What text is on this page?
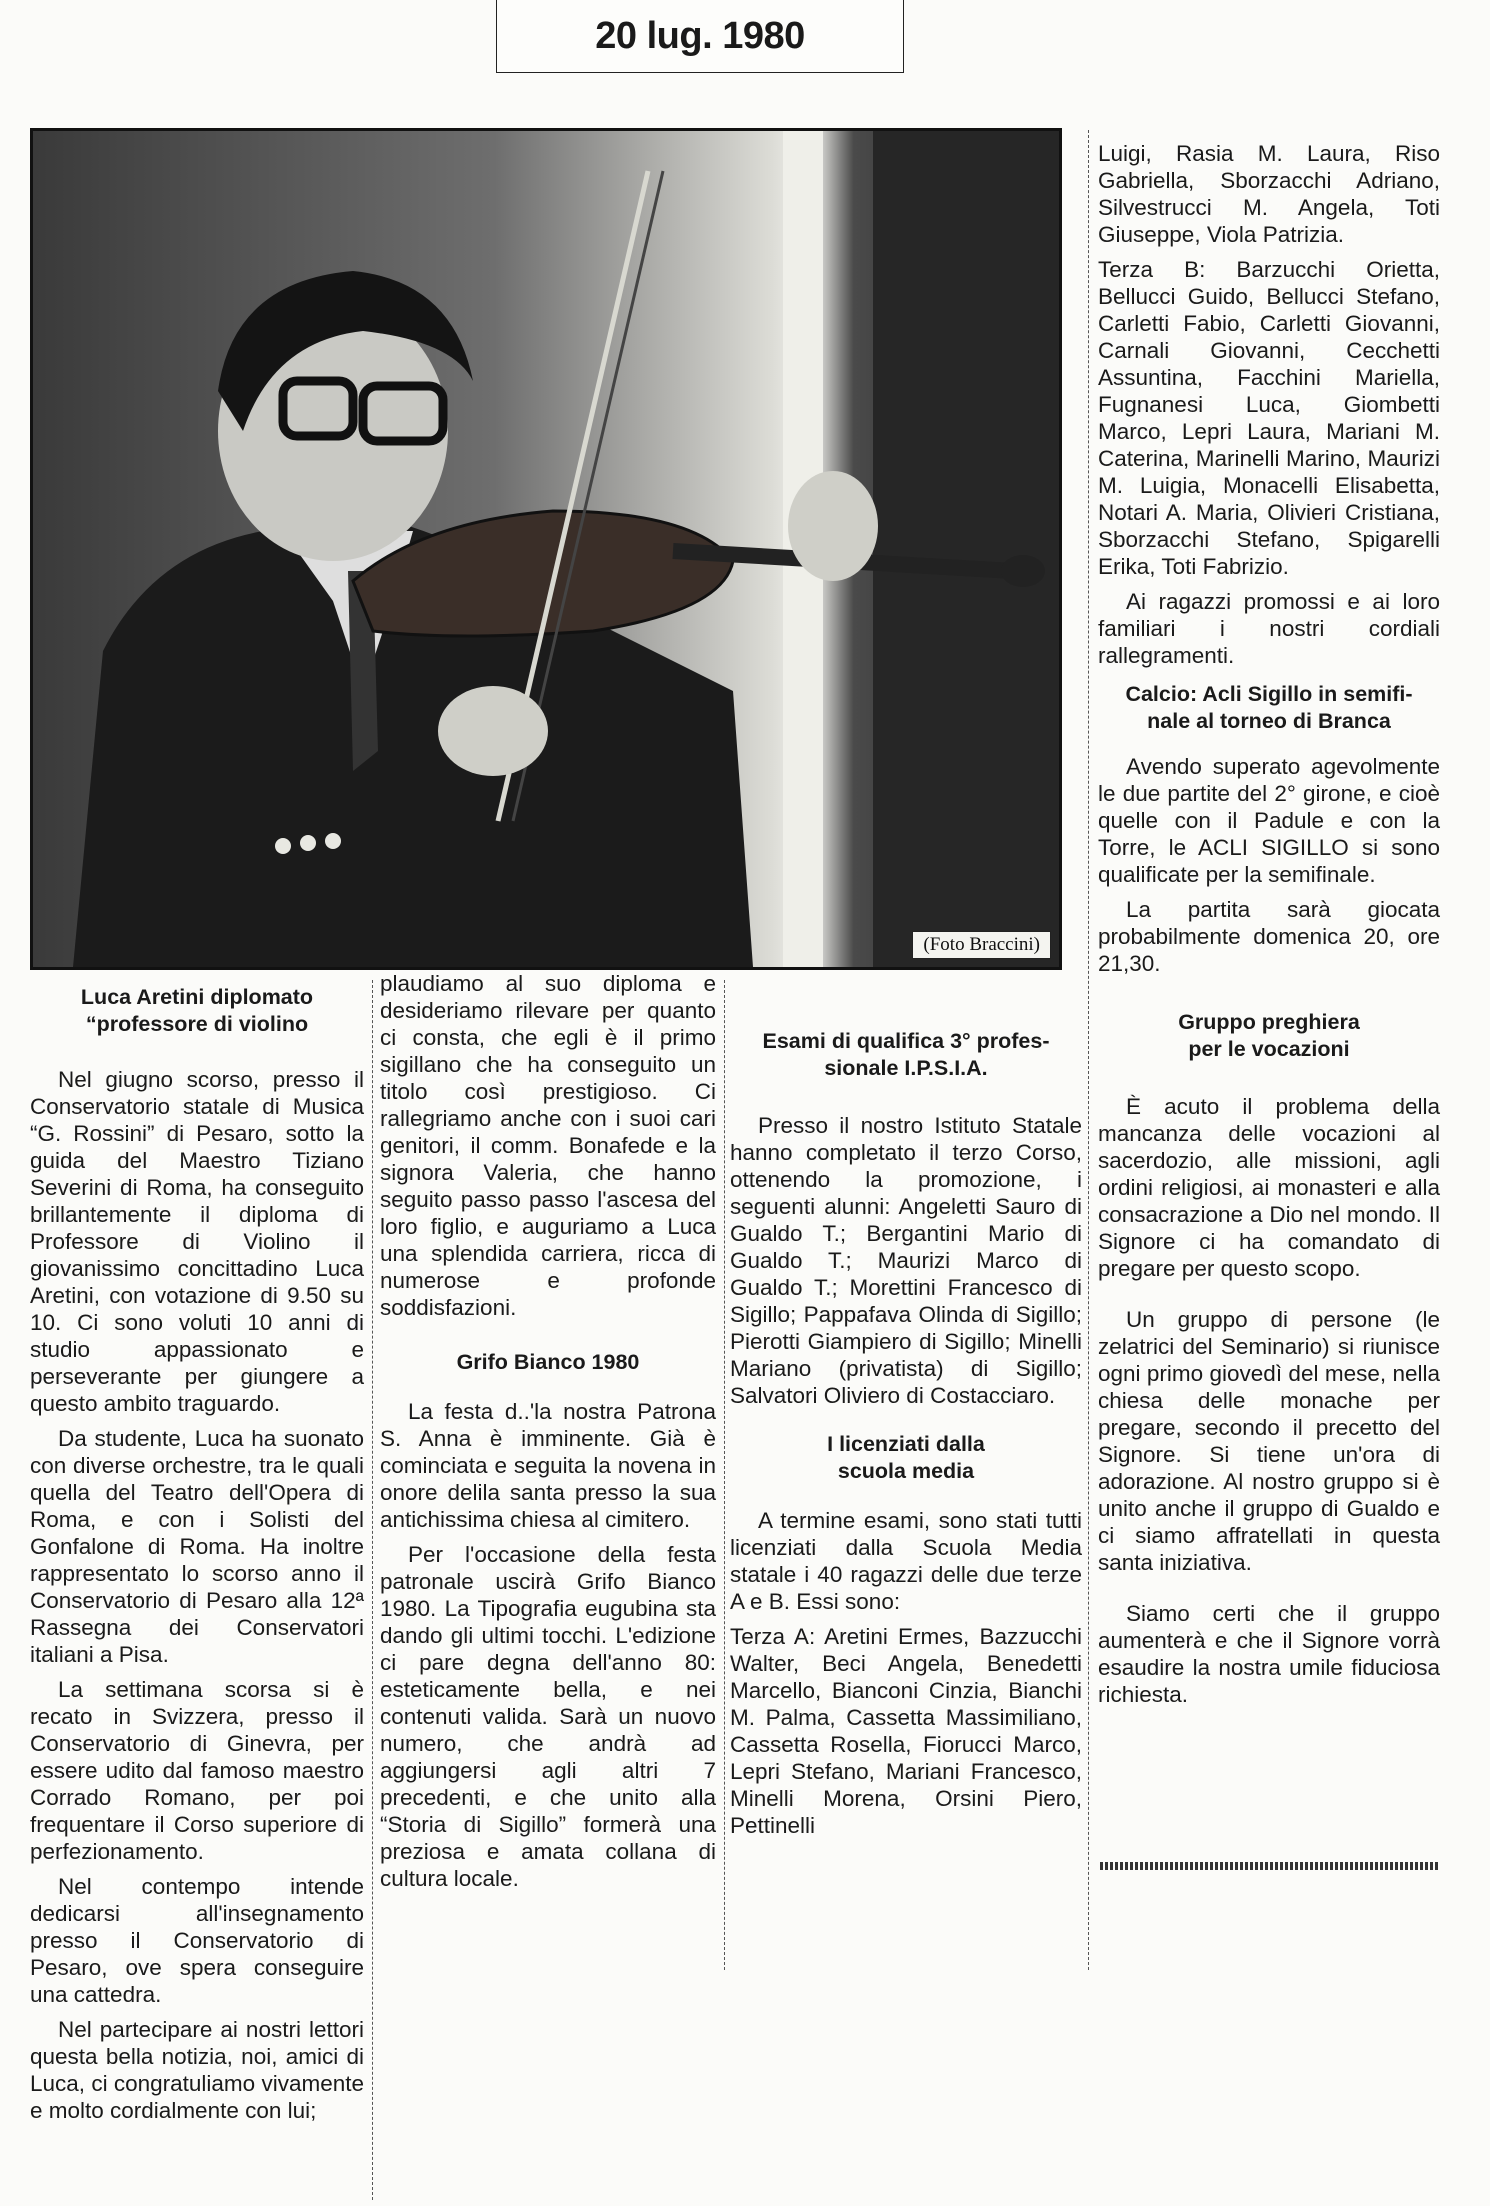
20 lug. 1980
(Foto Braccini)
Luca Aretini diplomato
“professore di violino

Nel giugno scorso, presso il Conservatorio statale di Musica “G. Rossini” di Pesaro, sotto la guida del Maestro Tiziano Severini di Roma, ha conseguito brillantemente il diploma di Professore di Violino il giovanissimo concittadino Luca Aretini, con votazione di 9.50 su 10. Ci sono voluti 10 anni di studio appassionato e perseverante per giungere a questo ambito traguardo.

Da studente, Luca ha suonato con diverse orchestre, tra le quali quella del Teatro dell'Opera di Roma, e con i Solisti del Gonfalone di Roma. Ha inoltre rappresentato lo scorso anno il Conservatorio di Pesaro alla 12ª Rassegna dei Conservatori italiani a Pisa.

La settimana scorsa si è recato in Svizzera, presso il Conservatorio di Ginevra, per essere udito dal famoso maestro Corrado Romano, per poi frequentare il Corso superiore di perfezionamento.

Nel contempo intende dedicarsi all'insegnamento presso il Conservatorio di Pesaro, ove spera conseguire una cattedra.

Nel partecipare ai nostri lettori questa bella notizia, noi, amici di Luca, ci congratuliamo vivamente e molto cordialmente con lui;

plaudiamo al suo diploma e desideriamo rilevare per quanto ci consta, che egli è il primo sigillano che ha conseguito un titolo così prestigioso. Ci rallegriamo anche con i suoi cari genitori, il comm. Bonafede e la signora Valeria, che hanno seguito passo passo l'ascesa del loro figlio, e auguriamo a Luca una splendida carriera, ricca di numerose e profonde soddisfazioni.

Grifo Bianco 1980

La festa d..'la nostra Patrona S. Anna è imminente. Già è cominciata e seguita la novena in onore delila santa presso la sua antichissima chiesa al cimitero.

Per l'occasione della festa patronale uscirà Grifo Bianco 1980. La Tipografia eugubina sta dando gli ultimi tocchi. L'edizione ci pare degna dell'anno 80: esteticamente bella, e nei contenuti valida. Sarà un nuovo numero, che andrà ad aggiungersi agli altri 7 precedenti, e che unito alla “Storia di Sigillo” formerà una preziosa e amata collana di cultura locale.

Esami di qualifica 3° profes-
sionale I.P.S.I.A.

Presso il nostro Istituto Statale hanno completato il terzo Corso, ottenendo la promozione, i seguenti alunni: Angeletti Sauro di Gualdo T.; Bergantini Mario di Gualdo T.; Maurizi Marco di Gualdo T.; Morettini Francesco di Sigillo; Pappafava Olinda di Sigillo; Pierotti Giampiero di Sigillo; Minelli Mariano (privatista) di Sigillo; Salvatori Oliviero di Costacciaro.

I licenziati dalla
scuola media

A termine esami, sono stati tutti licenziati dalla Scuola Media statale i 40 ragazzi delle due terze A e B. Essi sono:

Terza A: Aretini Ermes, Bazzucchi Walter, Beci Angela, Benedetti Marcello, Bianconi Cinzia, Bianchi M. Palma, Cassetta Massimiliano, Cassetta Rosella, Fiorucci Marco, Lepri Stefano, Mariani Francesco, Minelli Morena, Orsini Piero, Pettinelli

Luigi, Rasia M. Laura, Riso Gabriella, Sborzacchi Adriano, Silvestrucci M. Angela, Toti Giuseppe, Viola Patrizia.

Terza B: Barzucchi Orietta, Bellucci Guido, Bellucci Stefano, Carletti Fabio, Carletti Giovanni, Carnali Giovanni, Cecchetti Assuntina, Facchini Mariella, Fugnanesi Luca, Giombetti Marco, Lepri Laura, Mariani M. Caterina, Marinelli Marino, Maurizi M. Luigia, Monacelli Elisabetta, Notari A. Maria, Olivieri Cristiana, Sborzacchi Stefano, Spigarelli Erika, Toti Fabrizio.

Ai ragazzi promossi e ai loro familiari i nostri cordiali rallegramenti.

Calcio: Acli Sigillo in semifi-
nale al torneo di Branca

Avendo superato agevolmente le due partite del 2° girone, e cioè quelle con il Padule e con la Torre, le ACLI SIGILLO si sono qualificate per la semifinale.

La partita sarà giocata probabilmente domenica 20, ore 21,30.

Gruppo preghiera
per le vocazioni

È acuto il problema della mancanza delle vocazioni al sacerdozio, alle missioni, agli ordini religiosi, ai monasteri e alla consacrazione a Dio nel mondo. Il Signore ci ha comandato di pregare per questo scopo.

Un gruppo di persone (le zelatrici del Seminario) si riunisce ogni primo giovedì del mese, nella chiesa delle monache per pregare, secondo il precetto del Signore. Si tiene un'ora di adorazione. Al nostro gruppo si è unito anche il gruppo di Gualdo e ci siamo affratellati in questa santa iniziativa.

Siamo certi che il gruppo aumenterà e che il Signore vorrà esaudire la nostra umile fiduciosa richiesta.
